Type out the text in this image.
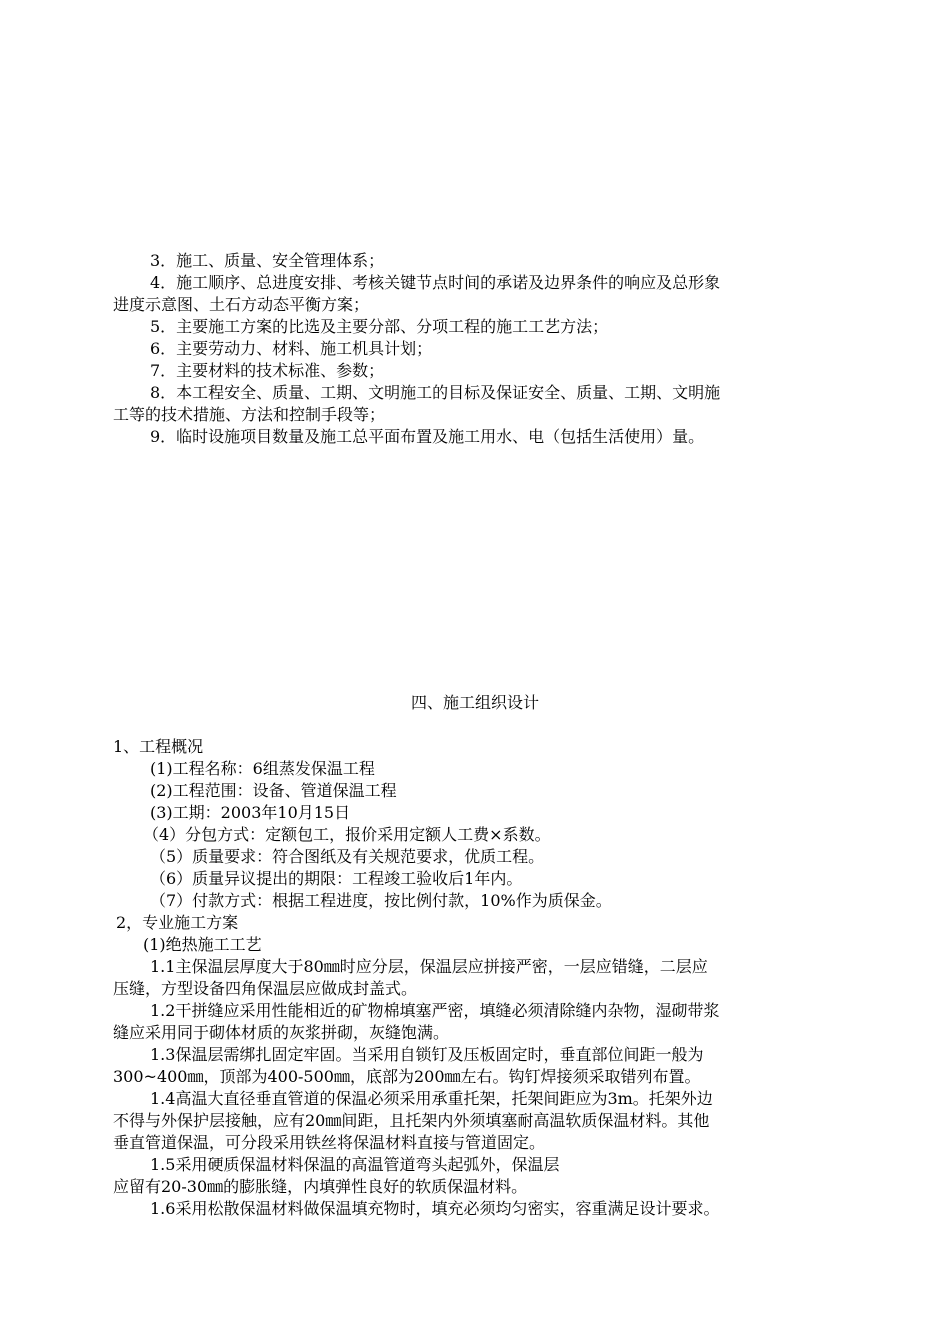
3．施工、质量、安全管理体系；
4．施工顺序、总进度安排、考核关键节点时间的承诺及边界条件的响应及总形象
进度示意图、土石方动态平衡方案；
5．主要施工方案的比选及主要分部、分项工程的施工工艺方法；
6．主要劳动力、材料、施工机具计划；
7．主要材料的技术标准、参数；
8．本工程安全、质量、工期、文明施工的目标及保证安全、质量、工期、文明施
工等的技术措施、方法和控制手段等；
9．临时设施项目数量及施工总平面布置及施工用水、电（包括生活使用）量。
四、施工组织设计
1、工程概况
(1)工程名称：6组蒸发保温工程
(2)工程范围：设备、管道保温工程
(3)工期：2003年10月15日
（4）分包方式：定额包工，报价采用定额人工费×系数。
（5）质量要求：符合图纸及有关规范要求，优质工程。
（6）质量异议提出的期限：工程竣工验收后1年内。
（7）付款方式：根据工程进度，按比例付款，10%作为质保金。
2，专业施工方案
(1)绝热施工工艺
1.1主保温层厚度大于80㎜时应分层，保温层应拼接严密，一层应错缝，二层应
压缝，方型设备四角保温层应做成封盖式。
1.2干拼缝应采用性能相近的矿物棉填塞严密，填缝必须清除缝内杂物，湿砌带浆
缝应采用同于砌体材质的灰浆拼砌，灰缝饱满。
1.3保温层需绑扎固定牢固。当采用自锁钉及压板固定时，垂直部位间距一般为
300~400㎜，顶部为400-500㎜，底部为200㎜左右。钩钉焊接须采取错列布置。
1.4高温大直径垂直管道的保温必须采用承重托架，托架间距应为3m。托架外边
不得与外保护层接触，应有20㎜间距，且托架内外须填塞耐高温软质保温材料。其他
垂直管道保温，可分段采用铁丝将保温材料直接与管道固定。
1.5采用硬质保温材料保温的高温管道弯头起弧外，保温层
应留有20-30㎜的膨胀缝，内填弹性良好的软质保温材料。
1.6采用松散保温材料做保温填充物时，填充必须均匀密实，容重满足设计要求。
